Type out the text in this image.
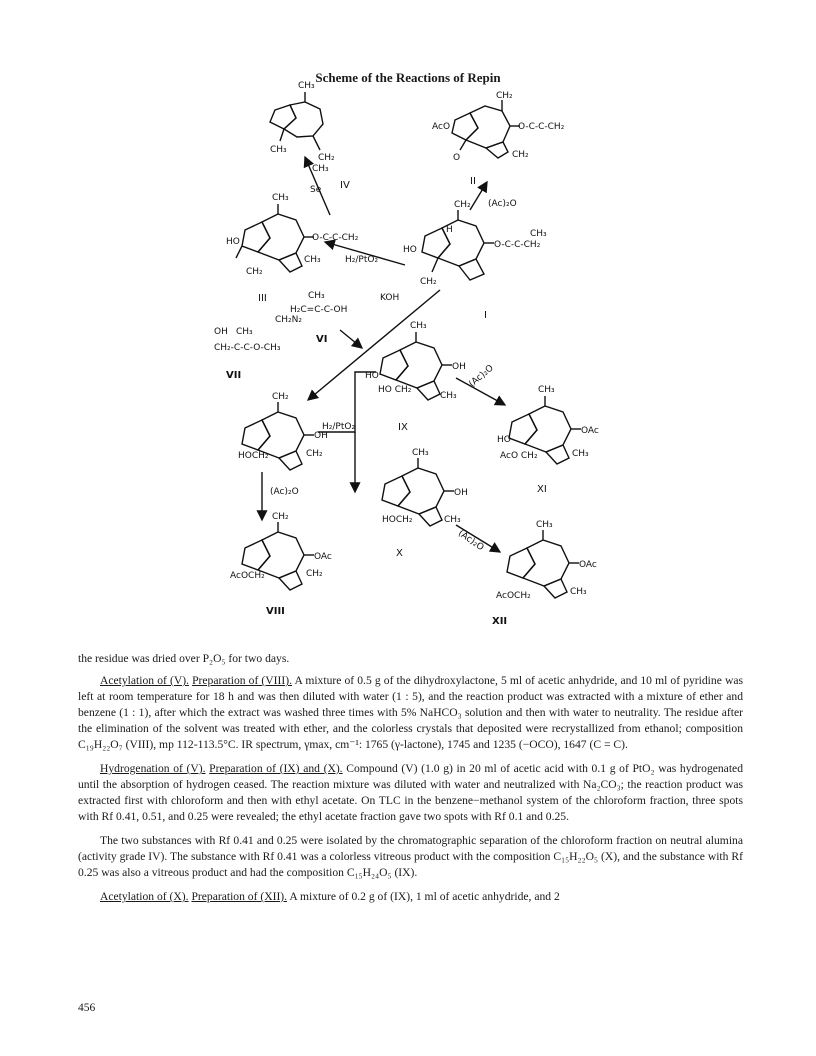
Scheme of the Reactions of Repin
CH₃
CH₃
CH₂
CH₃
IV
Se
CH₂
AcO	O-C-C-CH₂
O	CH₂
II
(Ac)₂O
HO
CH₃
O-C-C-CH₂
CH₃
CH₂
III
H₂/PtO₂
CH₂
H
HO	O-C-C-CH₂
CH₃
CH₂
I
H₂C=C-C-OH
CH₃
VI
CH₂N₂
KOH
OH CH₃
CH₂-C-C-O-CH₃
VII
CH₃
HO
HO CH₂
OH
CH₃
IX
(Ac)₂O
CH₂
OH
HOCH₂	CH₂
H₂/PtO₂
(Ac)₂O
CH₃
OAc
HO
AcO CH₂	CH₃
XI
CH₃
OH
HOCH₂	CH₃
X
(Ac)₂O
CH₂
OAc
AcOCH₂	CH₂
VIII
CH₃
OAc
AcOCH₂	CH₃
XII

the residue was dried over P₂O₅ for two days.

Acetylation of (V). Preparation of (VIII). A mixture of 0.5 g of the dihydroxylactone, 5 ml of acetic anhydride, and 10 ml of pyridine was left at room temperature for 18 h and was then diluted with water (1 : 5), and the reaction product was extracted with a mixture of ether and benzene (1 : 1), after which the extract was washed three times with 5% NaHCO₃ solution and then with water to neutrality. The residue after the elimination of the solvent was treated with ether, and the colorless crystals that deposited were recrystallized from ethanol; composition C₁₉H₂₂O₇ (VIII), mp 112-113.5°C. IR spectrum, γmax, cm⁻¹: 1765 (γ-lactone), 1745 and 1235 (−OCO), 1647 (C = C).

Hydrogenation of (V). Preparation of (IX) and (X). Compound (V) (1.0 g) in 20 ml of acetic acid with 0.1 g of PtO₂ was hydrogenated until the absorption of hydrogen ceased. The reaction mixture was diluted with water and neutralized with Na₂CO₃; the reaction product was extracted first with chloroform and then with ethyl acetate. On TLC in the benzene−methanol system of the chloroform fraction, three spots with Rf 0.41, 0.51, and 0.25 were revealed; the ethyl acetate fraction gave two spots with Rf 0.1 and 0.25.

The two substances with Rf 0.41 and 0.25 were isolated by the chromatographic separation of the chloroform fraction on neutral alumina (activity grade IV). The substance with Rf 0.41 was a colorless vitreous product with the composition C₁₅H₂₂O₅ (X), and the substance with Rf 0.25 was also a vitreous product and had the composition C₁₅H₂₄O₅ (IX).

Acetylation of (X). Preparation of (XII). A mixture of 0.2 g of (IX), 1 ml of acetic anhydride, and 2

456
